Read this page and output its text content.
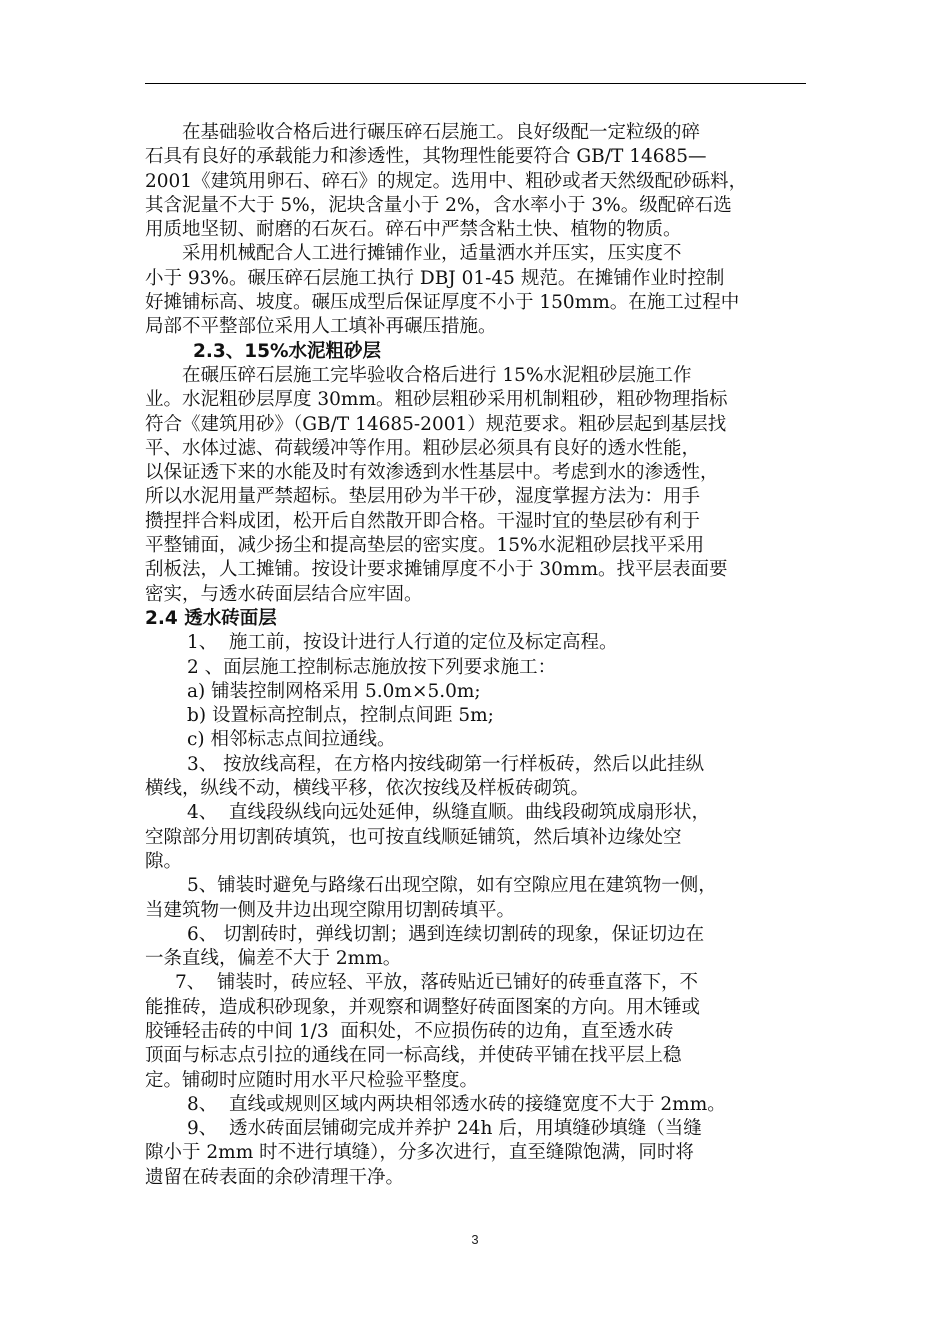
在基础验收合格后进行碾压碎石层施工。良好级配一定粒级的碎
石具有良好的承载能力和渗透性，其物理性能要符合 GB/T 14685—
2001《建筑用卵石、碎石》的规定。选用中、粗砂或者天然级配砂砾料，
其含泥量不大于 5%，泥块含量小于 2%，含水率小于 3%。级配碎石选
用质地坚韧、耐磨的石灰石。碎石中严禁含粘土快、植物的物质。

采用机械配合人工进行摊铺作业，适量洒水并压实，压实度不
小于 93%。碾压碎石层施工执行 DBJ 01-45 规范。在摊铺作业时控制
好摊铺标高、坡度。碾压成型后保证厚度不小于 150mm。在施工过程中
局部不平整部位采用人工填补再碾压措施。

2.3、15%水泥粗砂层

在碾压碎石层施工完毕验收合格后进行 15%水泥粗砂层施工作
业。水泥粗砂层厚度 30mm。粗砂层粗砂采用机制粗砂，粗砂物理指标
符合《建筑用砂》（GB/T 14685-2001）规范要求。粗砂层起到基层找
平、水体过滤、荷载缓冲等作用。粗砂层必须具有良好的透水性能，
以保证透下来的水能及时有效渗透到水性基层中。考虑到水的渗透性，
所以水泥用量严禁超标。垫层用砂为半干砂，湿度掌握方法为：用手
攒捏拌合料成团，松开后自然散开即合格。干湿时宜的垫层砂有利于
平整铺面，减少扬尘和提高垫层的密实度。15%水泥粗砂层找平采用
刮板法，人工摊铺。按设计要求摊铺厚度不小于 30mm。找平层表面要
密实，与透水砖面层结合应牢固。

2.4 透水砖面层

1、  施工前，按设计进行人行道的定位及标定高程。

2 、面层施工控制标志施放按下列要求施工：

a) 铺装控制网格采用 5.0m×5.0m;

b) 设置标高控制点，控制点间距 5m;

c) 相邻标志点间拉通线。

3、 按放线高程，在方格内按线砌第一行样板砖，然后以此挂纵
横线，纵线不动，横线平移，依次按线及样板砖砌筑。

4、  直线段纵线向远处延伸，纵缝直顺。曲线段砌筑成扇形状，
空隙部分用切割砖填筑，也可按直线顺延铺筑，然后填补边缘处空
隙。

5、铺装时避免与路缘石出现空隙，如有空隙应甩在建筑物一侧，
当建筑物一侧及井边出现空隙用切割砖填平。

6、 切割砖时，弹线切割；遇到连续切割砖的现象，保证切边在
一条直线，偏差不大于 2mm。

7、  铺装时，砖应轻、平放，落砖贴近已铺好的砖垂直落下，不
能推砖，造成积砂现象，并观察和调整好砖面图案的方向。用木锤或
胶锤轻击砖的中间 1/3  面积处，不应损伤砖的边角，直至透水砖
顶面与标志点引拉的通线在同一标高线，并使砖平铺在找平层上稳
定。铺砌时应随时用水平尺检验平整度。

8、  直线或规则区域内两块相邻透水砖的接缝宽度不大于 2mm。

9、  透水砖面层铺砌完成并养护 24h 后，用填缝砂填缝（当缝
隙小于 2mm 时不进行填缝），分多次进行，直至缝隙饱满，同时将
遗留在砖表面的余砂清理干净。

3
